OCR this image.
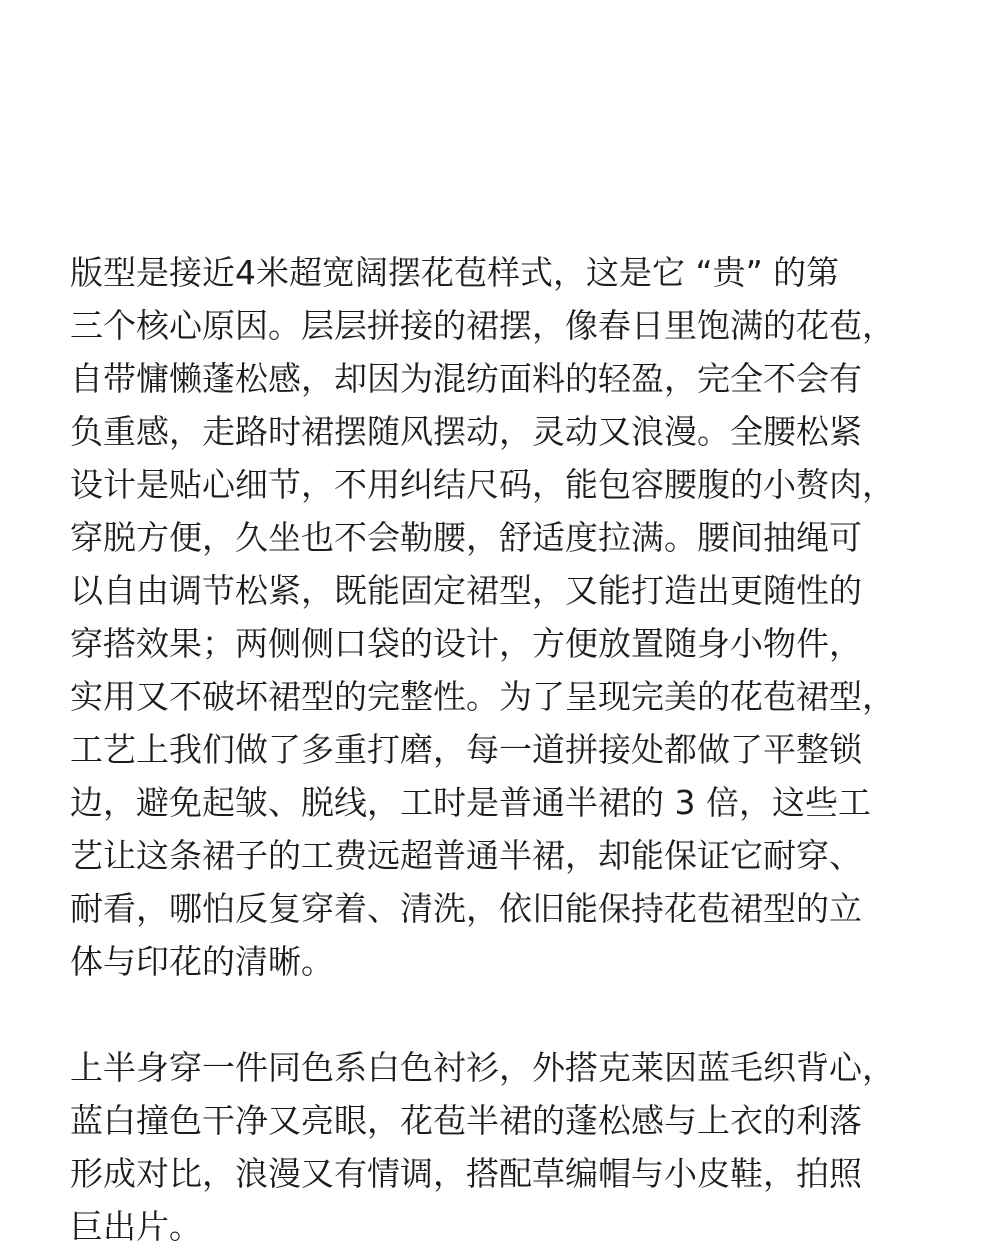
版型是接近4米超宽阔摆花苞样式，这是它 “贵” 的第
三个核心原因。层层拼接的裙摆，像春日里饱满的花苞，
自带慵懒蓬松感，却因为混纺面料的轻盈，完全不会有
负重感，走路时裙摆随风摆动，灵动又浪漫。全腰松紧
设计是贴心细节，不用纠结尺码，能包容腰腹的小赘肉，
穿脱方便，久坐也不会勒腰，舒适度拉满。腰间抽绳可
以自由调节松紧，既能固定裙型，又能打造出更随性的
穿搭效果；两侧侧口袋的设计，方便放置随身小物件，
实用又不破坏裙型的完整性。为了呈现完美的花苞裙型，
工艺上我们做了多重打磨，每一道拼接处都做了平整锁
边，避免起皱、脱线，工时是普通半裙的 3 倍，这些工
艺让这条裙子的工费远超普通半裙，却能保证它耐穿、
耐看，哪怕反复穿着、清洗，依旧能保持花苞裙型的立
体与印花的清晰。

上半身穿一件同色系白色衬衫，外搭克莱因蓝毛织背心，
蓝白撞色干净又亮眼，花苞半裙的蓬松感与上衣的利落
形成对比，浪漫又有情调，搭配草编帽与小皮鞋，拍照
巨出片。
